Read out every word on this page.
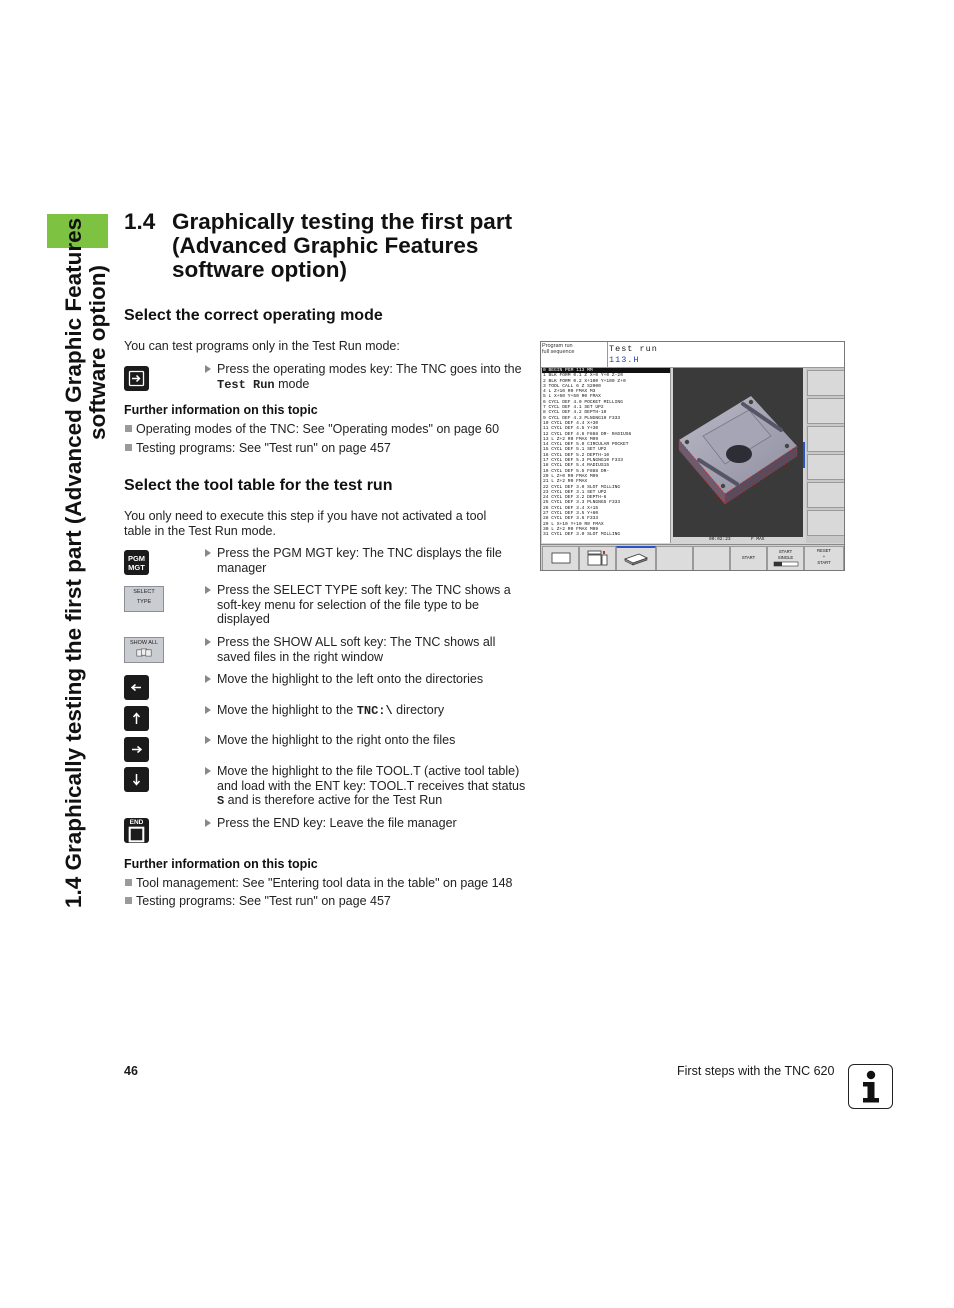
1.4 Graphically testing the first part (Advanced Graphic Features software option)
1.4 Graphically testing the first part
(Advanced Graphic Features
software option)
Select the correct operating mode
You can test programs only in the Test Run mode:
Press the operating modes key: The TNC goes into the Test Run mode
Further information on this topic
Operating modes of the TNC: See "Operating modes" on page 60
Testing programs: See "Test run" on page 457
Select the tool table for the test run
You only need to execute this step if you have not activated a tool table in the Test Run mode.
PGM MGT
Press the PGM MGT key: The TNC displays the file manager
SELECT
TYPE
Press the SELECT TYPE soft key: The TNC shows a soft-key menu for selection of the file type to be displayed
SHOW ALL	Press the SHOW ALL soft key: The TNC shows all saved files in the right window
Move the highlight to the left onto the directories
Move the highlight to the TNC:\ directory
Move the highlight to the right onto the files
Move the highlight to the file TOOL.T (active tool table) and load with the ENT key: TOOL.T receives that status S and is therefore active for the Test Run
END	Press the END key: Leave the file manager
Further information on this topic
Tool management: See "Entering tool data in the table" on page 148
Testing programs: See "Test run" on page 457
Program run
full sequence	Test run
113.H
0 BEGIN PGM 113 MM
1 BLK FORM 0.1 Z X+0 Y+0 Z-20
2 BLK FORM 0.2 X+100 Y+100 Z+0
3 TOOL CALL 6 Z S2000
4 L Z+10 R0 FMAX M3
5 L X+50 Y+50 R0 FMAX
6 CYCL DEF 4.0 POCKET MILLING
7 CYCL DEF 4.1 SET UP2
8 CYCL DEF 4.2 DEPTH-10
9 CYCL DEF 4.3 PLNGNG10 F333
10 CYCL DEF 4.4 X+30
11 CYCL DEF 4.5 Y+30
12 CYCL DEF 4.6 F888 DR- RADIUS6
13 L Z+2 R0 FMAX M99
14 CYCL DEF 5.0 CIRCULAR POCKET
15 CYCL DEF 5.1 SET UP2
16 CYCL DEF 5.2 DEPTH-10
17 CYCL DEF 5.3 PLNGNG10 F333
18 CYCL DEF 5.4 RADIUS15
19 CYCL DEF 5.5 F888 DR-
20 L Z+0 R0 FMAX M99
21 L Z+2 R0 FMAX
22 CYCL DEF 3.0 SLOT MILLING
23 CYCL DEF 3.1 SET UP2
24 CYCL DEF 3.2 DEPTH-6
25 CYCL DEF 3.3 PLNGNG5 F333
26 CYCL DEF 3.4 X+15
27 CYCL DEF 3.5 Y+80
28 CYCL DEF 3.6 F333
29 L X+10 Y+10 R0 FMAX
30 L Z+2 R0 FMAX M99
31 CYCL DEF 3.0 SLOT MILLING
00:02:23	F MAX
START
START
SINGLE
RESET
+
START
46	First steps with the TNC 620
